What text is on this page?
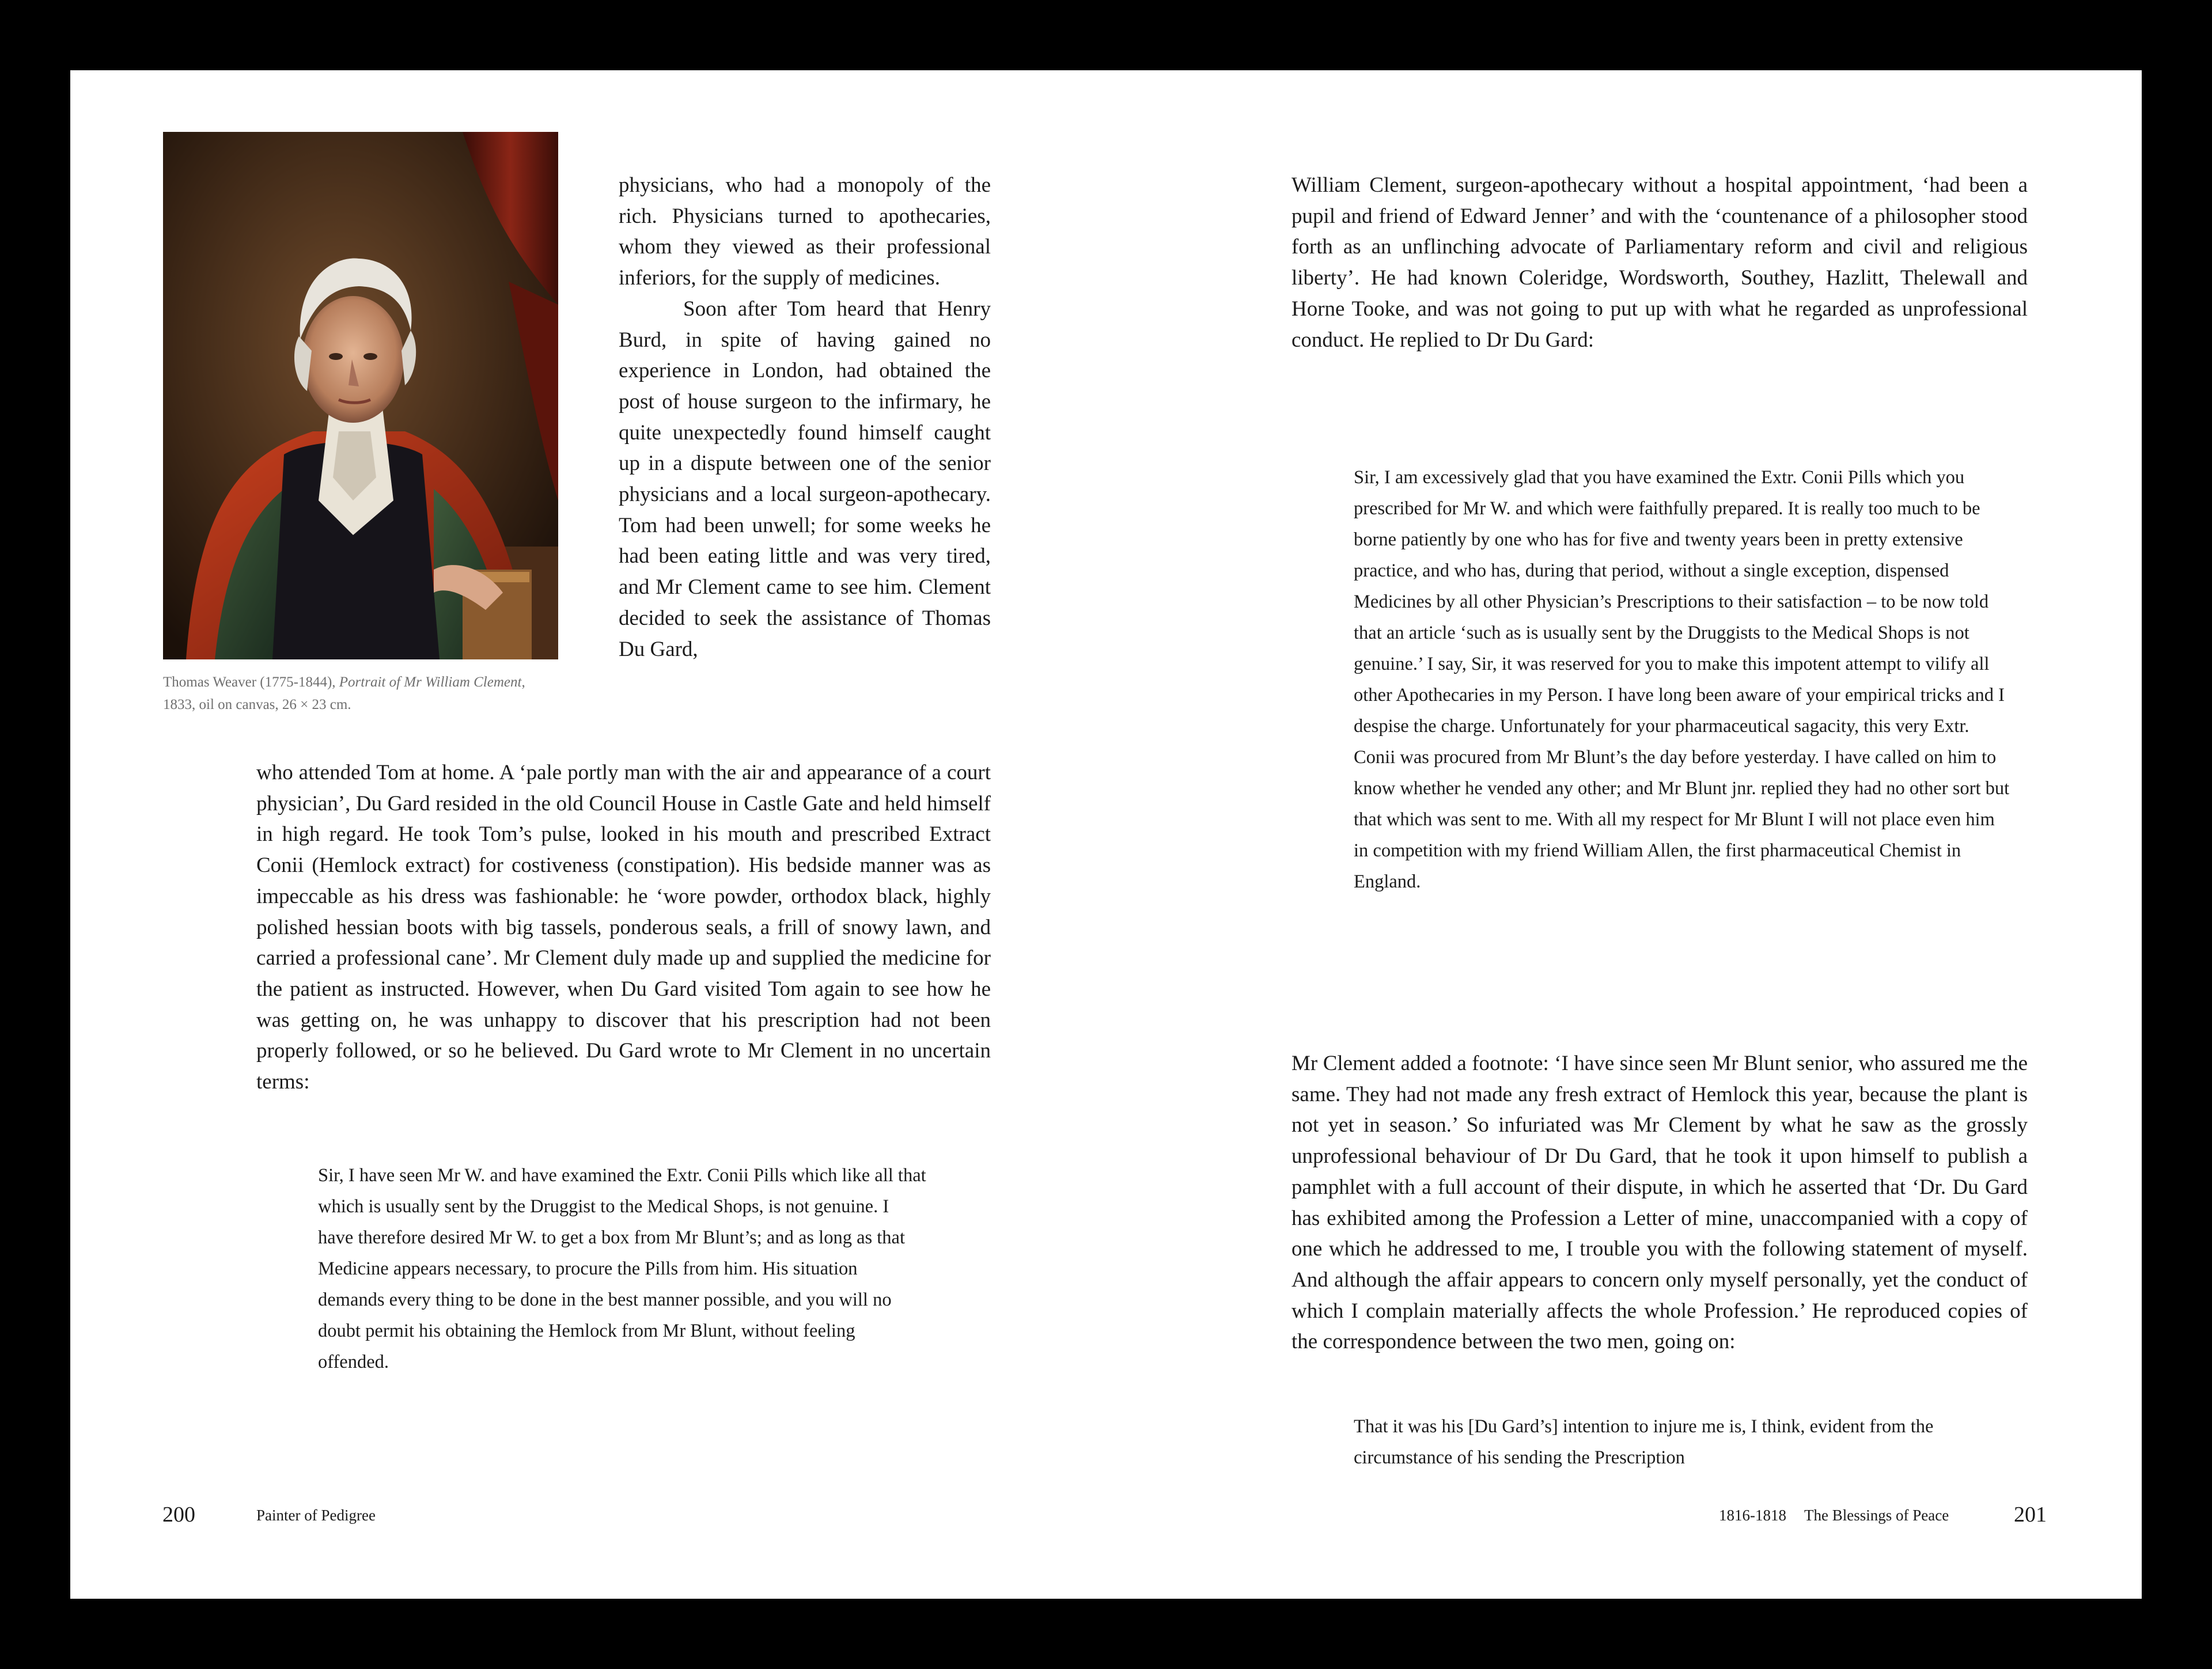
Thomas Weaver (1775-1844), Portrait of Mr William Clement, 1833, oil on canvas, 26 × 23 cm.

physicians, who had a monopoly of the rich. Physicians turned to apothecaries, whom they viewed as their professional inferiors, for the supply of medicines.

Soon after Tom heard that Henry Burd, in spite of having gained no experience in London, had obtained the post of house surgeon to the infirmary, he quite unexpectedly found himself caught up in a dispute between one of the senior physicians and a local surgeon-apothecary. Tom had been unwell; for some weeks he had been eating little and was very tired, and Mr Clement came to see him. Clement decided to seek the assistance of Thomas Du Gard,

who attended Tom at home. A ‘pale portly man with the air and appearance of a court physician’, Du Gard resided in the old Council House in Castle Gate and held himself in high regard. He took Tom’s pulse, looked in his mouth and prescribed Extract Conii (Hemlock extract) for costiveness (constipation). His bedside manner was as impeccable as his dress was fashionable: he ‘wore powder, orthodox black, highly polished hessian boots with big tassels, ponderous seals, a frill of snowy lawn, and carried a professional cane’. Mr Clement duly made up and supplied the medicine for the patient as instructed. However, when Du Gard visited Tom again to see how he was getting on, he was unhappy to discover that his prescription had not been properly followed, or so he believed. Du Gard wrote to Mr Clement in no uncertain terms:

Sir, I have seen Mr W. and have examined the Extr. Conii Pills which like all that which is usually sent by the Druggist to the Medical Shops, is not genuine. I have therefore desired Mr W. to get a box from Mr Blunt’s; and as long as that Medicine appears necessary, to procure the Pills from him. His situation demands every thing to be done in the best manner possible, and you will no doubt permit his obtaining the Hemlock from Mr Blunt, without feeling offended.

200	Painter of Pedigree

William Clement, surgeon-apothecary without a hospital appointment, ‘had been a pupil and friend of Edward Jenner’ and with the ‘countenance of a philosopher stood forth as an unflinching advocate of Parliamentary reform and civil and religious liberty’. He had known Coleridge, Wordsworth, Southey, Hazlitt, Thelewall and Horne Tooke, and was not going to put up with what he regarded as unprofessional conduct. He replied to Dr Du Gard:

Sir, I am excessively glad that you have examined the Extr. Conii Pills which you prescribed for Mr W. and which were faithfully prepared. It is really too much to be borne patiently by one who has for five and twenty years been in pretty extensive practice, and who has, during that period, without a single exception, dispensed Medicines by all other Physician’s Prescriptions to their satisfaction – to be now told that an article ‘such as is usually sent by the Druggists to the Medical Shops is not genuine.’ I say, Sir, it was reserved for you to make this impotent attempt to vilify all other Apothecaries in my Person. I have long been aware of your empirical tricks and I despise the charge. Unfortunately for your pharmaceutical sagacity, this very Extr. Conii was procured from Mr Blunt’s the day before yesterday. I have called on him to know whether he vended any other; and Mr Blunt jnr. replied they had no other sort but that which was sent to me. With all my respect for Mr Blunt I will not place even him in competition with my friend William Allen, the first pharmaceutical Chemist in England.

Mr Clement added a footnote: ‘I have since seen Mr Blunt senior, who assured me the same. They had not made any fresh extract of Hemlock this year, because the plant is not yet in season.’ So infuriated was Mr Clement by what he saw as the grossly unprofessional behaviour of Dr Du Gard, that he took it upon himself to publish a pamphlet with a full account of their dispute, in which he asserted that ‘Dr. Du Gard has exhibited among the Profession a Letter of mine, unaccompanied with a copy of one which he addressed to me, I trouble you with the following statement of myself. And although the affair appears to concern only myself personally, yet the conduct of which I complain materially affects the whole Profession.’ He reproduced copies of the correspondence between the two men, going on:

That it was his [Du Gard’s] intention to injure me is, I think, evident from the circumstance of his sending the Prescription

1816-1818 The Blessings of Peace	201
